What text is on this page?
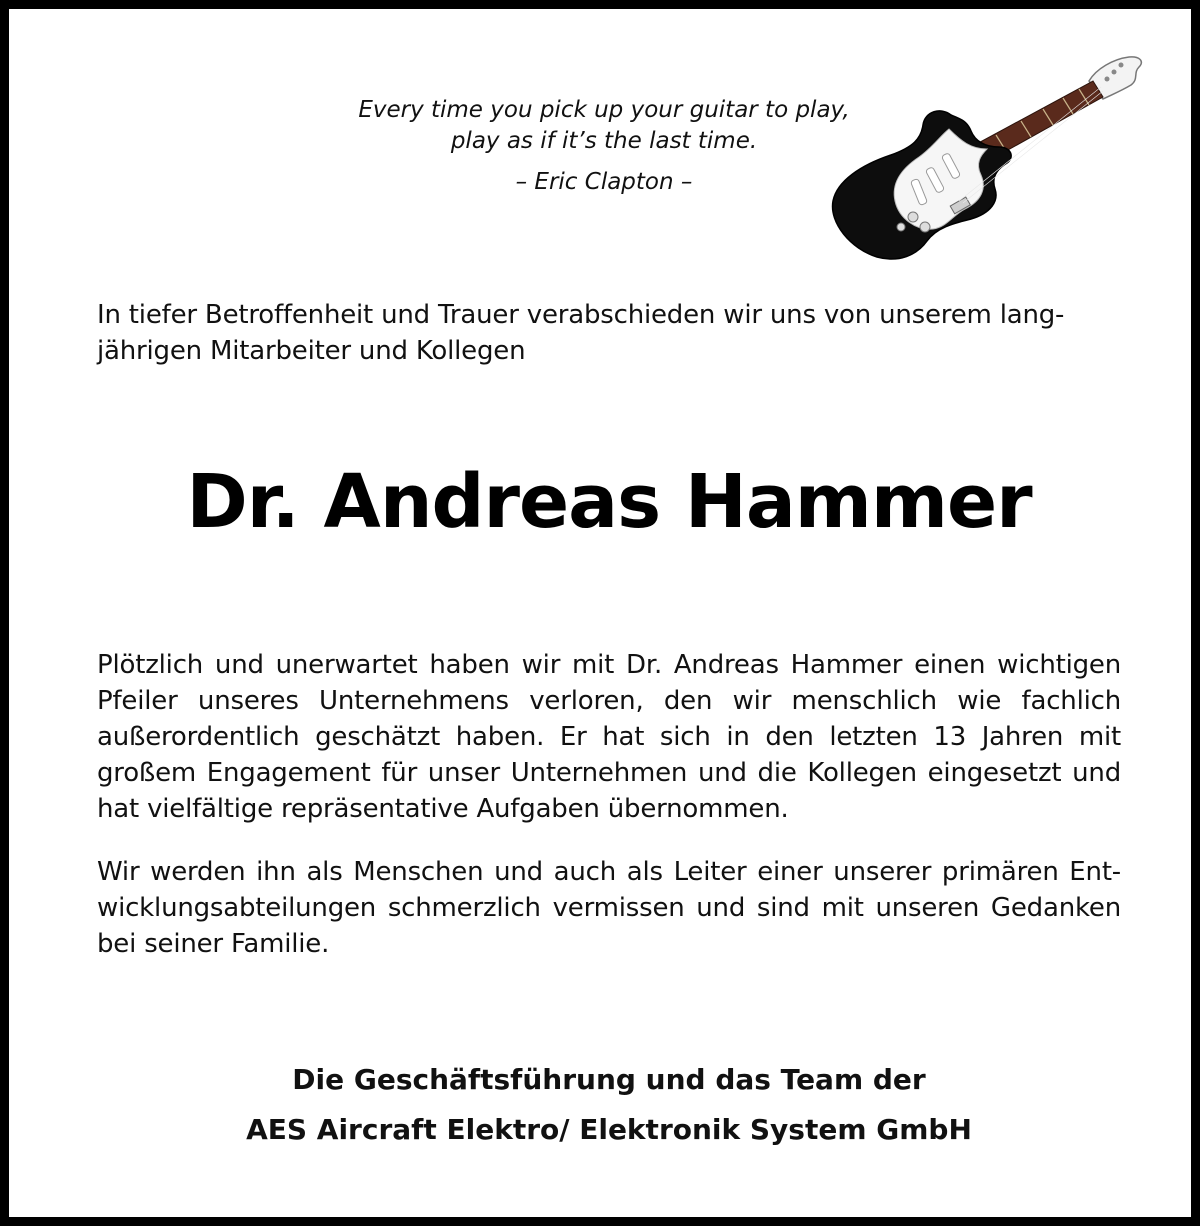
Every time you pick up your guitar to play,
play as if it’s the last time.
– Eric Clapton –
In tiefer Betroffenheit und Trauer verabschieden wir uns von unserem lang-
jährigen Mitarbeiter und Kollegen
Dr. Andreas Hammer
Plötzlich und unerwartet haben wir mit Dr. Andreas Hammer einen wichtigen
Pfeiler unseres Unternehmens verloren, den wir menschlich wie fachlich
außerordentlich geschätzt haben. Er hat sich in den letzten 13 Jahren mit
großem Engagement für unser Unternehmen und die Kollegen eingesetzt und
hat vielfältige repräsentative Aufgaben übernommen.
Wir werden ihn als Menschen und auch als Leiter einer unserer primären Ent-
wicklungsabteilungen schmerzlich vermissen und sind mit unseren Gedanken
bei seiner Familie.
Die Geschäftsführung und das Team der
AES Aircraft Elektro/ Elektronik System GmbH
